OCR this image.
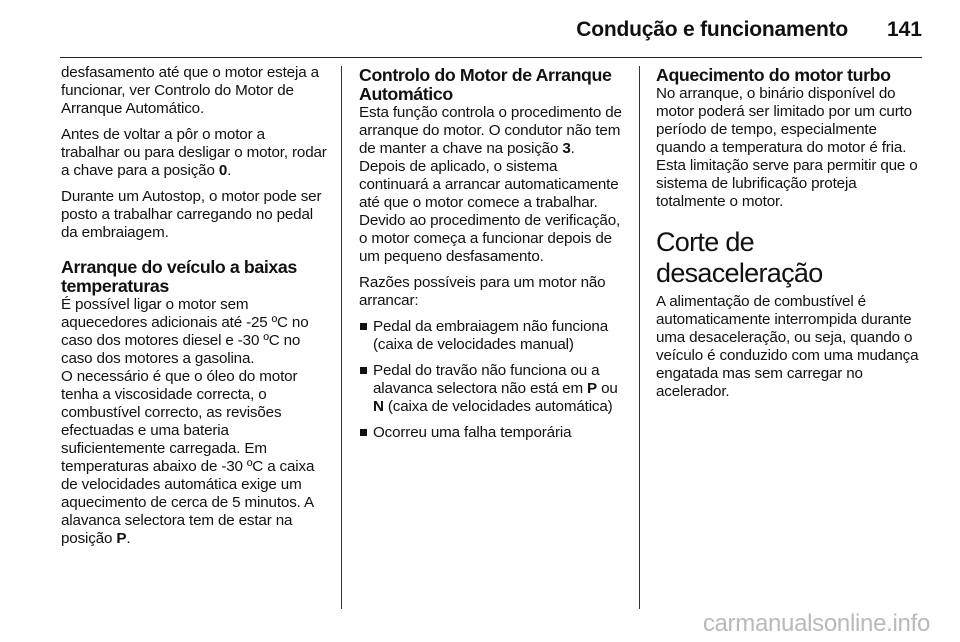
Condução e funcionamento 141

desfasamento até que o motor esteja a funcionar, ver Controlo do Motor de Arranque Automático.

Antes de voltar a pôr o motor a trabalhar ou para desligar o motor, rodar a chave para a posição 0.

Durante um Autostop, o motor pode ser posto a trabalhar carregando no pedal da embraiagem.

Arranque do veículo a baixas temperaturas
É possível ligar o motor sem aquecedores adicionais até -25 ºC no caso dos motores diesel e -30 ºC no caso dos motores a gasolina.
O necessário é que o óleo do motor tenha a viscosidade correcta, o combustível correcto, as revisões efectuadas e uma bateria suficientemente carregada. Em temperaturas abaixo de -30 ºC a caixa de velocidades automática exige um aquecimento de cerca de 5 minutos. A alavanca selectora tem de estar na posição P.
Controlo do Motor de Arranque Automático

Esta função controla o procedimento de arranque do motor. O condutor não tem de manter a chave na posição 3. Depois de aplicado, o sistema continuará a arrancar automaticamente até que o motor comece a trabalhar. Devido ao procedimento de verificação, o motor começa a funcionar depois de um pequeno desfasamento.

Razões possíveis para um motor não arrancar:

Pedal da embraiagem não funciona (caixa de velocidades manual)
Pedal do travão não funciona ou a alavanca selectora não está em P ou N (caixa de velocidades automática)
Ocorreu uma falha temporária
Aquecimento do motor turbo

No arranque, o binário disponível do motor poderá ser limitado por um curto período de tempo, especialmente quando a temperatura do motor é fria. Esta limitação serve para permitir que o sistema de lubrificação proteja totalmente o motor.

Corte de desaceleração

A alimentação de combustível é automaticamente interrompida durante uma desaceleração, ou seja, quando o veículo é conduzido com uma mudança engatada mas sem carregar no acelerador.

carmanualsonline.info
